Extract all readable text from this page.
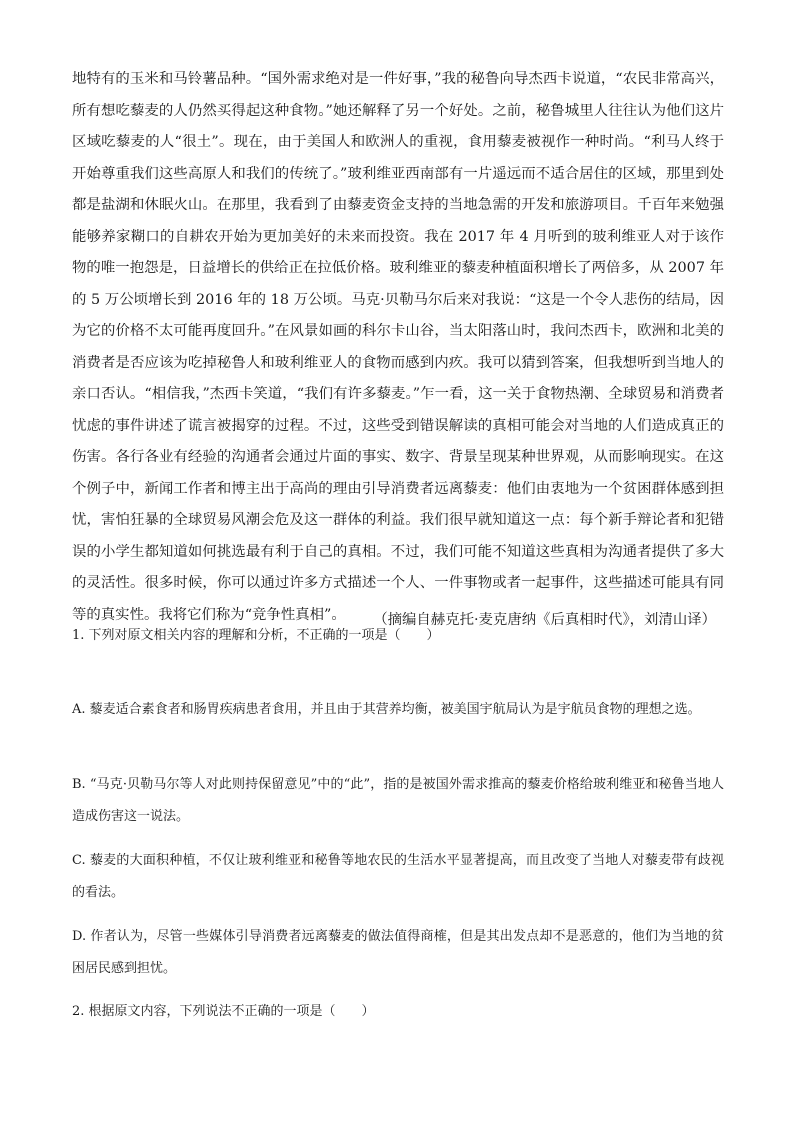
地特有的玉米和马铃薯品种。“国外需求绝对是一件好事，”我的秘鲁向导杰西卡说道，“农民非常高兴，所有想吃藜麦的人仍然买得起这种食物。”她还解释了另一个好处。之前，秘鲁城里人往往认为他们这片区域吃藜麦的人“很土”。现在，由于美国人和欧洲人的重视，食用藜麦被视作一种时尚。“利马人终于开始尊重我们这些高原人和我们的传统了。”玻利维亚西南部有一片遥远而不适合居住的区域，那里到处都是盐湖和休眠火山。在那里，我看到了由藜麦资金支持的当地急需的开发和旅游项目。千百年来勉强能够养家糊口的自耕农开始为更加美好的未来而投资。我在 2017 年 4 月听到的玻利维亚人对于该作物的唯一抱怨是，日益增长的供给正在拉低价格。玻利维亚的藜麦种植面积增长了两倍多，从 2007 年的 5 万公顷增长到 2016 年的 18 万公顷。马克·贝勒马尔后来对我说：“这是一个令人悲伤的结局，因为它的价格不太可能再度回升。”在风景如画的科尔卡山谷，当太阳落山时，我问杰西卡，欧洲和北美的消费者是否应该为吃掉秘鲁人和玻利维亚人的食物而感到内疚。我可以猜到答案，但我想听到当地人的亲口否认。“相信我，”杰西卡笑道，“我们有许多藜麦。”乍一看，这一关于食物热潮、全球贸易和消费者忧虑的事件讲述了谎言被揭穿的过程。不过，这些受到错误解读的真相可能会对当地的人们造成真正的伤害。各行各业有经验的沟通者会通过片面的事实、数字、背景呈现某种世界观，从而影响现实。在这个例子中，新闻工作者和博主出于高尚的理由引导消费者远离藜麦：他们由衷地为一个贫困群体感到担忧，害怕狂暴的全球贸易风潮会危及这一群体的利益。我们很早就知道这一点：每个新手辩论者和犯错误的小学生都知道如何挑选最有利于自己的真相。不过，我们可能不知道这些真相为沟通者提供了多大的灵活性。很多时候，你可以通过许多方式描述一个人、一件事物或者一起事件，这些描述可能具有同等的真实性。我将它们称为“竞争性真相”。	（摘编自赫克托·麦克唐纳《后真相时代》，刘清山译）

1. 下列对原文相关内容的理解和分析，不正确的一项是（　　）

A. 藜麦适合素食者和肠胃疾病患者食用，并且由于其营养均衡，被美国宇航局认为是宇航员食物的理想之选。

B. “马克·贝勒马尔等人对此则持保留意见”中的“此”，指的是被国外需求推高的藜麦价格给玻利维亚和秘鲁当地人造成伤害这一说法。

C. 藜麦的大面积种植，不仅让玻利维亚和秘鲁等地农民的生活水平显著提高，而且改变了当地人对藜麦带有歧视的看法。

D. 作者认为，尽管一些媒体引导消费者远离藜麦的做法值得商榷，但是其出发点却不是恶意的，他们为当地的贫困居民感到担忧。

2. 根据原文内容，下列说法不正确的一项是（　　）
